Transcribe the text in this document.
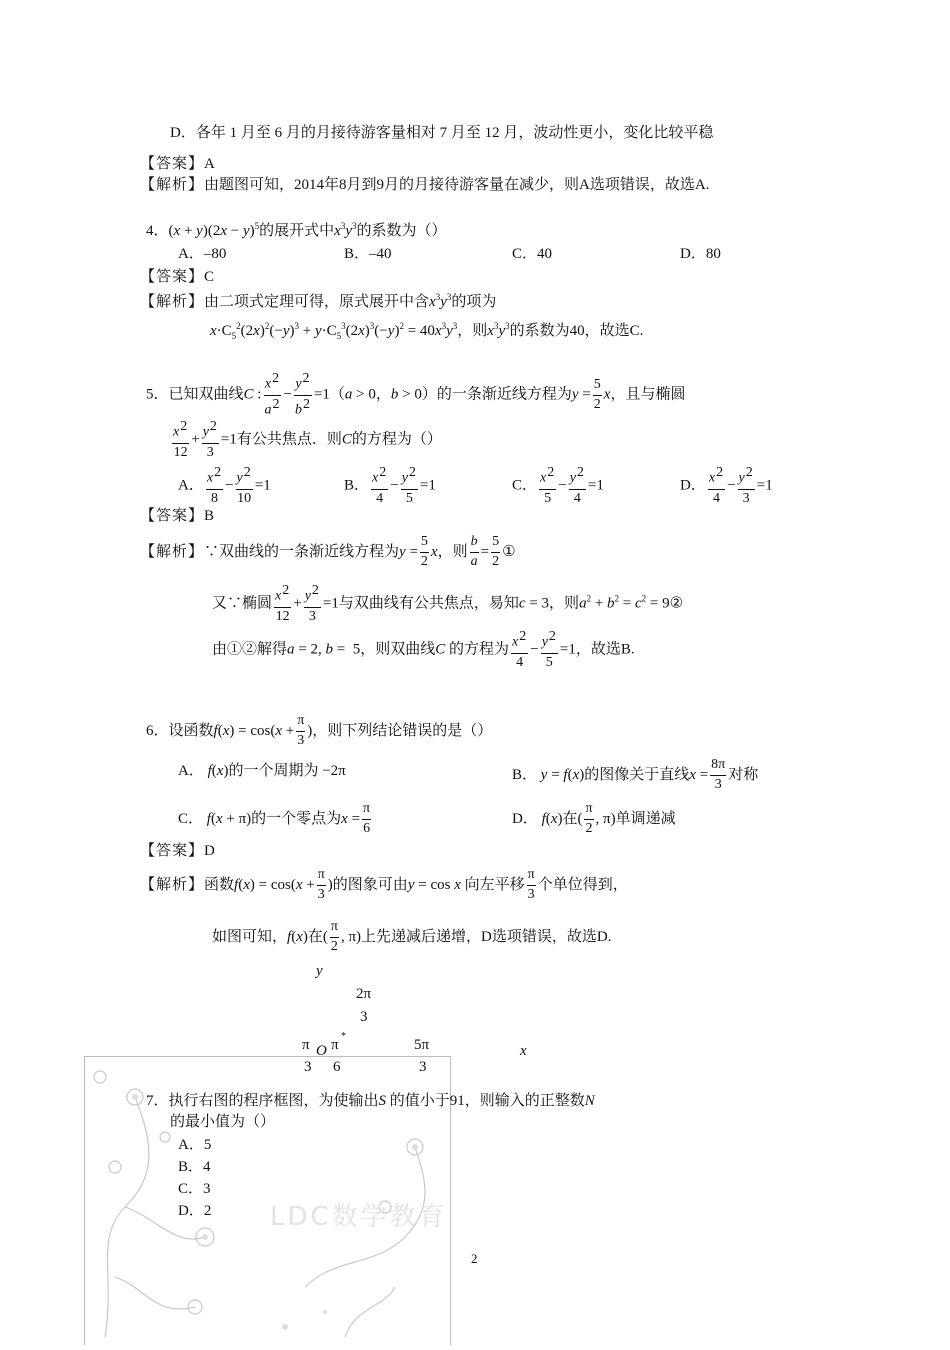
LDC数学教育
D．各年 1 月至 6 月的月接待游客量相对 7 月至 12 月，波动性更小，变化比较平稳
【答案】A
【解析】由题图可知，2014年8月到9月的月接待游客量在减少，则A选项错误，故选A.
4．$(x + y)(2x - y)^5$的展开式中$x^3y^3$的系数为（）
A．–80	B．–40	C．40	D．80
【答案】C
【解析】由二项式定理可得，原式展开中含$x^3y^3$的项为
$x\cdot C_5^2(2x)^2(-y)^3 + y\cdot C_5^3(2x)^3(-y)^2 = 40x^3y^3$，则$x^3y^3$的系数为40，故选C.
5．已知双曲线C : $\frac{x2}{a2} - \frac{y2}{b2} =1(a > 0$，b > 0）的一条渐近线方程为$y = \frac{5}{2}$ x，且与椭圆
$\frac{x2}{12} + \frac{y2}{3} =1$有公共焦点．则C的方程为（）
A． $\frac{x2}{8} - \frac{y2}{10} =1$	B． $\frac{x2}{4} - \frac{y2}{5} =1$	C． $\frac{x2}{5} - \frac{y2}{4} =1$	D． $\frac{x2}{4} - \frac{y2}{3} =1$
【答案】B
【解析】∵双曲线的一条渐近线方程为$y = \frac{5}{2}$ x，则 $\frac{b}{a} = \frac{5}{2}$ ①
又∵椭圆 $\frac{x2}{12} + \frac{y2}{3} =1$与双曲线有公共焦点，易知c = 3，则$a^2 + b^2 = c^2$ = 9②
由①②解得a = 2, b =  5，则双曲线C 的方程为 $\frac{x2}{4} - \frac{y2}{5} =1$，故选B.
6．设函数$f(x) = \cos(x + \frac{\pi}{3}$ )，则下列结论错误的是（）
A． f(x)的一个周期为 −2π	B． y = f(x)的图像关于直线$x = \frac{8\pi}{3}$ 对称
C． f(x + π)的一个零点为$x = \frac{\pi}{6}$	D． f(x)在( $\frac{\pi}{2}$ , π)单调递减
【答案】D
【解析】函数$f(x) = \cos(x + \frac{\pi}{3}$ )的图象可由y = cos x 向左平移 $\frac{\pi}{3}$ 个单位得到，
如图可知，f(x)在( $\frac{\pi}{2}$ , π)上先递减后递增，D选项错误，故选D.
y
2π
3
π O π
*
5π	x
3 6	3
7．执行右图的程序框图，为使输出S 的值小于91，则输入的正整数N
的最小值为（）
A．5
B．4
C．3
D．2
2
